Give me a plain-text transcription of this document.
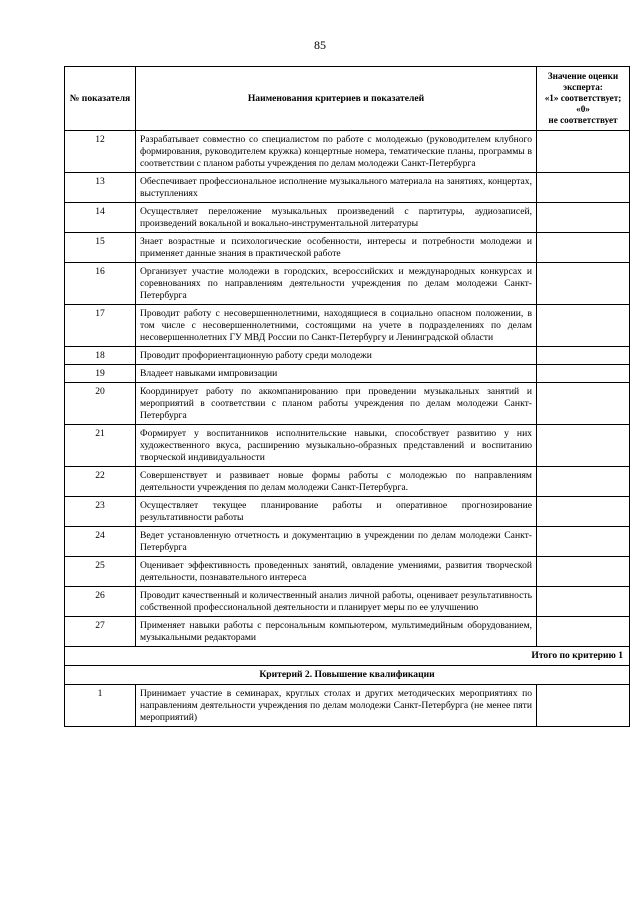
85
№ показателя	Наименования критериев и показателей	Значение оценки
эксперта:
«1» соответствует;
«0»
не соответствует

12	Разрабатывает совместно со специалистом по работе с молодежью (руководителем клубного формирования, руководителем кружка) концертные номера, тематические планы, программы в соответствии с планом работы учреждения по делам молодежи Санкт-Петербурга	
13	Обеспечивает профессиональное исполнение музыкального материала на занятиях, концертах, выступлениях	
14	Осуществляет переложение музыкальных произведений с партитуры, аудиозаписей, произведений вокальной и вокально-инструментальной литературы	
15	Знает возрастные и психологические особенности, интересы и потребности молодежи и применяет данные знания в практической работе	
16	Организует участие молодежи в городских, всероссийских и международных конкурсах и соревнованиях по направлениям деятельности учреждения по делам молодежи Санкт-Петербурга	
17	Проводит работу с несовершеннолетними, находящиеся в социально опасном положении, в том числе с несовершеннолетними, состоящими на учете в подразделениях по делам несовершеннолетних ГУ МВД России по Санкт-Петербургу и Ленинградской области	
18	Проводит профориентационную работу среди молодежи	
19	Владеет навыками импровизации	
20	Координирует работу по аккомпанированию при проведении музыкальных занятий и мероприятий в соответствии с планом работы учреждения по делам молодежи Санкт-Петербурга	
21	Формирует у воспитанников исполнительские навыки, способствует развитию у них художественного вкуса, расширению музыкально-образных представлений и воспитанию творческой индивидуальности	
22	Совершенствует и развивает новые формы работы с молодежью по направлениям деятельности учреждения по делам молодежи Санкт-Петербурга.	
23	Осуществляет текущее планирование работы и оперативное прогнозирование результативности работы	
24	Ведет установленную отчетность и документацию в учреждении по делам молодежи Санкт-Петербурга	
25	Оценивает эффективность проведенных занятий, овладение умениями, развития творческой деятельности, познавательного интереса	
26	Проводит качественный и количественный анализ личной работы, оценивает результативность собственной профессиональной деятельности и планирует меры по ее улучшению	
27	Применяет навыки работы с персональным компьютером, мультимедийным оборудованием, музыкальными редакторами	
Итого по критерию 1		
Критерий 2. Повышение квалификации		
1	Принимает участие в семинарах, круглых столах и других методических мероприятиях по направлениям деятельности учреждения по делам молодежи Санкт-Петербурга (не менее пяти мероприятий)	
